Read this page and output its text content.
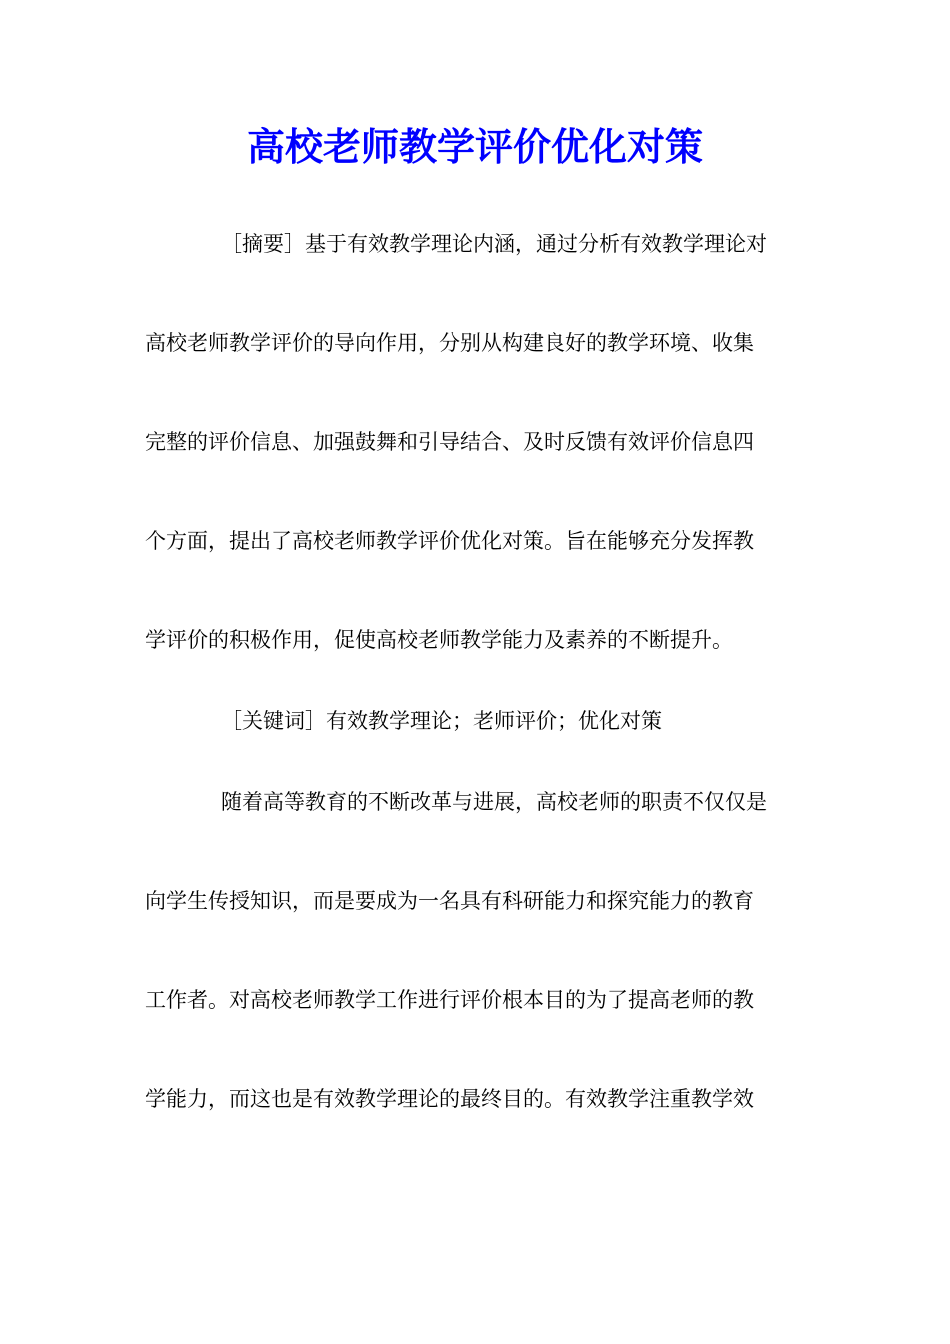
高校老师教学评价优化对策

［摘要］基于有效教学理论内涵，通过分析有效教学理论对

高校老师教学评价的导向作用，分别从构建良好的教学环境、收集

完整的评价信息、加强鼓舞和引导结合、及时反馈有效评价信息四

个方面，提出了高校老师教学评价优化对策。旨在能够充分发挥教

学评价的积极作用，促使高校老师教学能力及素养的不断提升。

［关键词］有效教学理论；老师评价；优化对策

随着高等教育的不断改革与进展，高校老师的职责不仅仅是

向学生传授知识，而是要成为一名具有科研能力和探究能力的教育

工作者。对高校老师教学工作进行评价根本目的为了提高老师的教

学能力，而这也是有效教学理论的最终目的。有效教学注重教学效
